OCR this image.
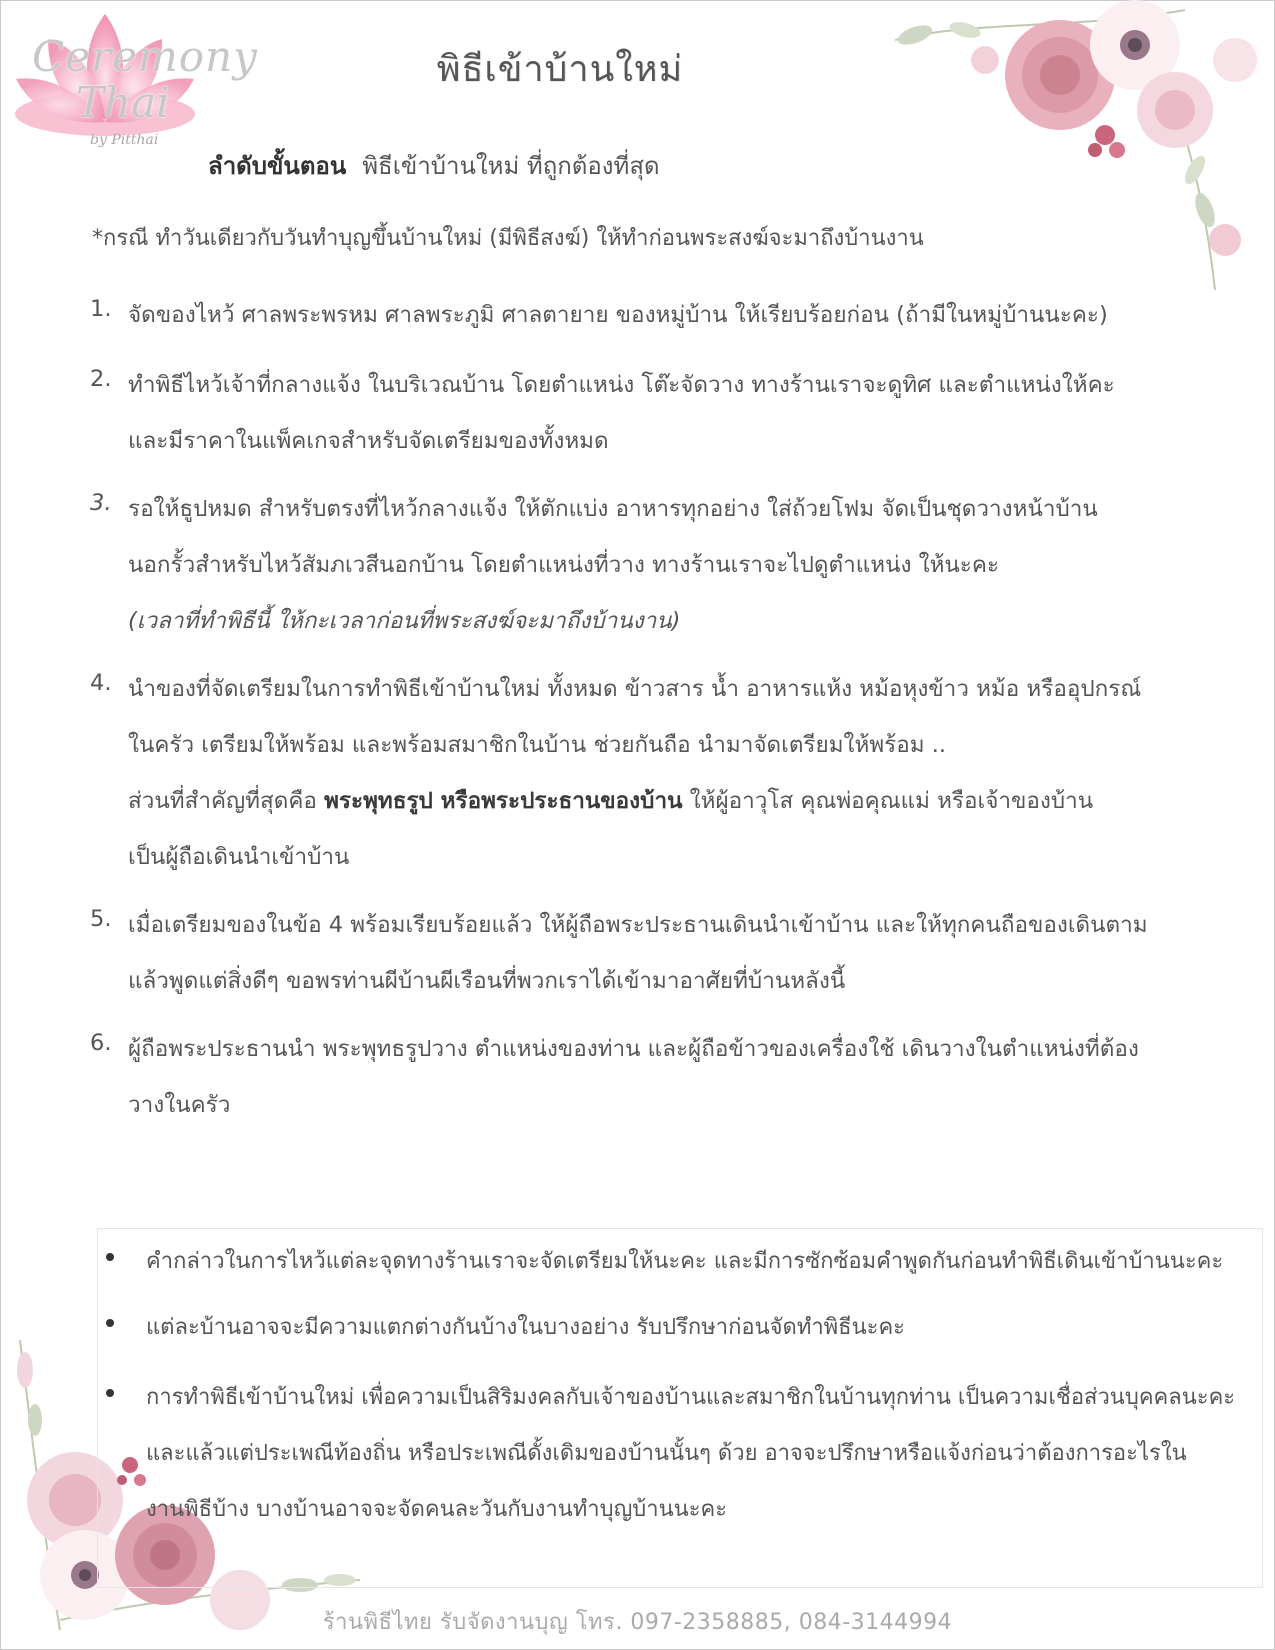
Ceremony
Thai
by Pitthai
พิธีเข้าบ้านใหม่
ลำดับขั้นตอน พิธีเข้าบ้านใหม่ ที่ถูกต้องที่สุด
*กรณี ทำวันเดียวกับวันทำบุญขึ้นบ้านใหม่ (มีพิธีสงฆ์) ให้ทำก่อนพระสงฆ์จะมาถึงบ้านงาน
1. จัดของไหว้ ศาลพระพรหม ศาลพระภูมิ ศาลตายาย ของหมู่บ้าน ให้เรียบร้อยก่อน (ถ้ามีในหมู่บ้านนะคะ)
2. ทำพิธีไหว้เจ้าที่กลางแจ้ง ในบริเวณบ้าน โดยตำแหน่ง โต๊ะจัดวาง ทางร้านเราจะดูทิศ และตำแหน่งให้คะ
และมีราคาในแพ็คเกจสำหรับจัดเตรียมของทั้งหมด
3. รอให้ธูปหมด สำหรับตรงที่ไหว้กลางแจ้ง ให้ตักแบ่ง อาหารทุกอย่าง ใส่ถ้วยโฟม จัดเป็นชุดวางหน้าบ้าน
นอกรั้วสำหรับไหว้สัมภเวสีนอกบ้าน โดยตำแหน่งที่วาง ทางร้านเราจะไปดูตำแหน่ง ให้นะคะ
(เวลาที่ทำพิธีนี้ ให้กะเวลาก่อนที่พระสงฆ์จะมาถึงบ้านงาน)
4. นำของที่จัดเตรียมในการทำพิธีเข้าบ้านใหม่ ทั้งหมด ข้าวสาร น้ำ อาหารแห้ง หม้อหุงข้าว หม้อ หรืออุปกรณ์
ในครัว เตรียมให้พร้อม และพร้อมสมาชิกในบ้าน ช่วยกันถือ นำมาจัดเตรียมให้พร้อม ..
ส่วนที่สำคัญที่สุดคือ พระพุทธรูป หรือพระประธานของบ้าน ให้ผู้อาวุโส คุณพ่อคุณแม่ หรือเจ้าของบ้าน
เป็นผู้ถือเดินนำเข้าบ้าน
5. เมื่อเตรียมของในข้อ 4 พร้อมเรียบร้อยแล้ว ให้ผู้ถือพระประธานเดินนำเข้าบ้าน และให้ทุกคนถือของเดินตาม
แล้วพูดแต่สิ่งดีๆ ขอพรท่านผีบ้านผีเรือนที่พวกเราได้เข้ามาอาศัยที่บ้านหลังนี้
6. ผู้ถือพระประธานนำ พระพุทธรูปวาง ตำแหน่งของท่าน และผู้ถือข้าวของเครื่องใช้ เดินวางในตำแหน่งที่ต้อง
วางในครัว
คำกล่าวในการไหว้แต่ละจุดทางร้านเราจะจัดเตรียมให้นะคะ และมีการซักซ้อมคำพูดกันก่อนทำพิธีเดินเข้าบ้านนะคะ
แต่ละบ้านอาจจะมีความแตกต่างกันบ้างในบางอย่าง รับปรึกษาก่อนจัดทำพิธีนะคะ
การทำพิธีเข้าบ้านใหม่ เพื่อความเป็นสิริมงคลกับเจ้าของบ้านและสมาชิกในบ้านทุกท่าน เป็นความเชื่อส่วนบุคคลนะคะ
และแล้วแต่ประเพณีท้องถิ่น หรือประเพณีดั้งเดิมของบ้านนั้นๆ ด้วย อาจจะปรึกษาหรือแจ้งก่อนว่าต้องการอะไรใน
งานพิธีบ้าง บางบ้านอาจจะจัดคนละวันกับงานทำบุญบ้านนะคะ
ร้านพิธีไทย รับจัดงานบุญ โทร. 097-2358885, 084-3144994
